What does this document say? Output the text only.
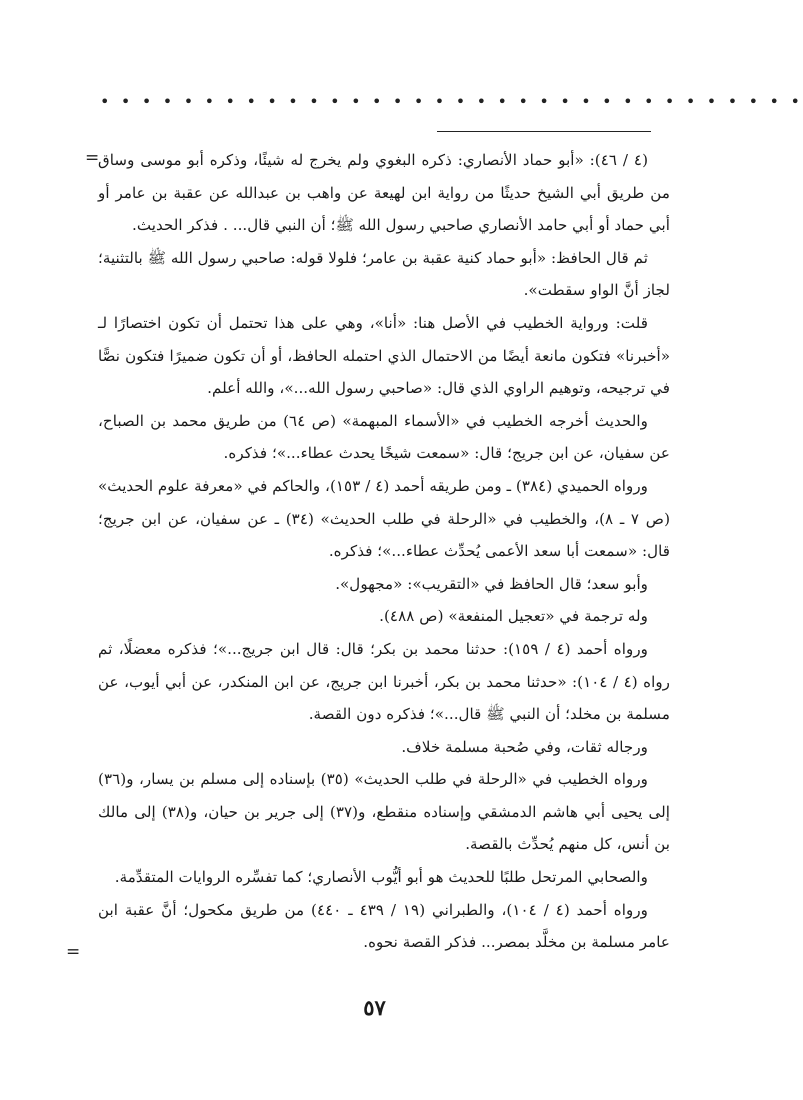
• • • • • • • • • • • • • • • • • • • • • • • • • • • • • • • • • •
=

(٤ / ٤٦): «أبو حماد الأنصاري: ذكره البغوي ولم يخرج له شيئًا، وذكره أبو موسى وساق من طريق أبي الشيخ حديثًا من رواية ابن لهيعة عن واهب بن عبدالله عن عقبة بن عامر أو أبي حماد أو أبي حامد الأنصاري صاحبي رسول الله ﷺ؛ أن النبي قال... . فذكر الحديث.

ثم قال الحافظ: «أبو حماد كنية عقبة بن عامر؛ فلولا قوله: صاحبي رسول الله ﷺ بالتثنية؛ لجاز أنَّ الواو سقطت».

قلت: ورواية الخطيب في الأصل هنا: «أنا»، وهي على هذا تحتمل أن تكون اختصارًا لـ «أخبرنا» فتكون مانعة أيضًا من الاحتمال الذي احتمله الحافظ، أو أن تكون ضميرًا فتكون نصًّا في ترجيحه، وتوهيم الراوي الذي قال: «صاحبي رسول الله...»، والله أعلم.

والحديث أخرجه الخطيب في «الأسماء المبهمة» (ص ٦٤) من طريق محمد بن الصباح، عن سفيان، عن ابن جريج؛ قال: «سمعت شيخًا يحدث عطاء...»؛ فذكره.

ورواه الحميدي (٣٨٤) ـ ومن طريقه أحمد (٤ / ١٥٣)، والحاكم في «معرفة علوم الحديث» (ص ٧ ـ ٨)، والخطيب في «الرحلة في طلب الحديث» (٣٤) ـ عن سفيان، عن ابن جريج؛ قال: «سمعت أبا سعد الأعمى يُحدِّث عطاء...»؛ فذكره.

وأبو سعد؛ قال الحافظ في «التقريب»: «مجهول».

وله ترجمة في «تعجيل المنفعة» (ص ٤٨٨).

ورواه أحمد (٤ / ١٥٩): حدثنا محمد بن بكر؛ قال: قال ابن جريج...»؛ فذكره معضلًا، ثم رواه (٤ / ١٠٤): «حدثنا محمد بن بكر، أخبرنا ابن جريج، عن ابن المنكدر، عن أبي أيوب، عن مسلمة بن مخلد؛ أن النبي ﷺ قال...»؛ فذكره دون القصة.

ورجاله ثقات، وفي صُحبة مسلمة خلاف.

ورواه الخطيب في «الرحلة في طلب الحديث» (٣٥) بإسناده إلى مسلم بن يسار، و(٣٦) إلى يحيى أبي هاشم الدمشقي وإسناده منقطع، و(٣٧) إلى جرير بن حيان، و(٣٨) إلى مالك بن أنس، كل منهم يُحدِّث بالقصة.

والصحابي المرتحل طلبًا للحديث هو أبو أيُّوب الأنصاري؛ كما تفسِّره الروايات المتقدِّمة.

ورواه أحمد (٤ / ١٠٤)، والطبراني (١٩ / ٤٣٩ ـ ٤٤٠) من طريق مكحول؛ أنَّ عقبة ابن عامر مسلمة بن مخلَّد بمصر... فذكر القصة نحوه.

=
٥٧
